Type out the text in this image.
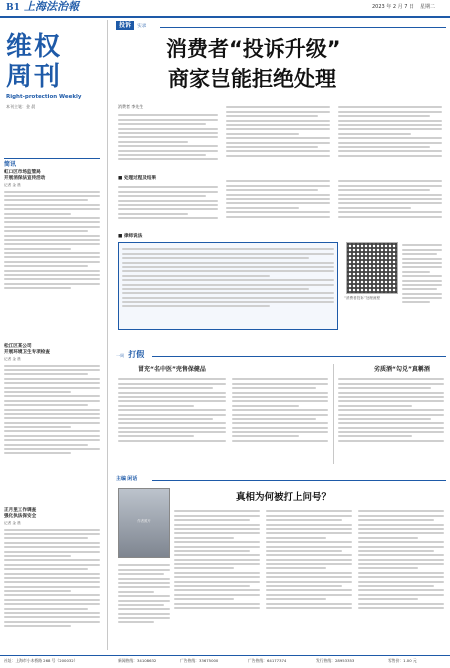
B1 上海法治報	2023 年 2 月 7 日 星期二
维权
周刊
Right-protection Weekly
本刊主笔：金 晨
简讯
虹口区市场监管局
开展消保法宣传活动
记者 金 晨
松江区某公司
开展环境卫生专项检查
记者 金 晨
正月里工作调查
强化执法保安全
记者 金 晨
投诉 实录
消费者“投诉升级”
商家岂能拒绝处理
消费者 李先生
■ 处理过程及结果
■ 律师说法
“消费者投诉”处理流程
一周 打假
冒充“名中医”売售保健品	劣质酒“勾兑”真稱酒
主编 闲话
作者照片
真相为何被打上问号？
社址：上海市小木桥路 268 号（200032）	新闻热线：34108632	广告热线：33675000	广告热线：64177374	发行热线：28953353	零售价：1.00 元
